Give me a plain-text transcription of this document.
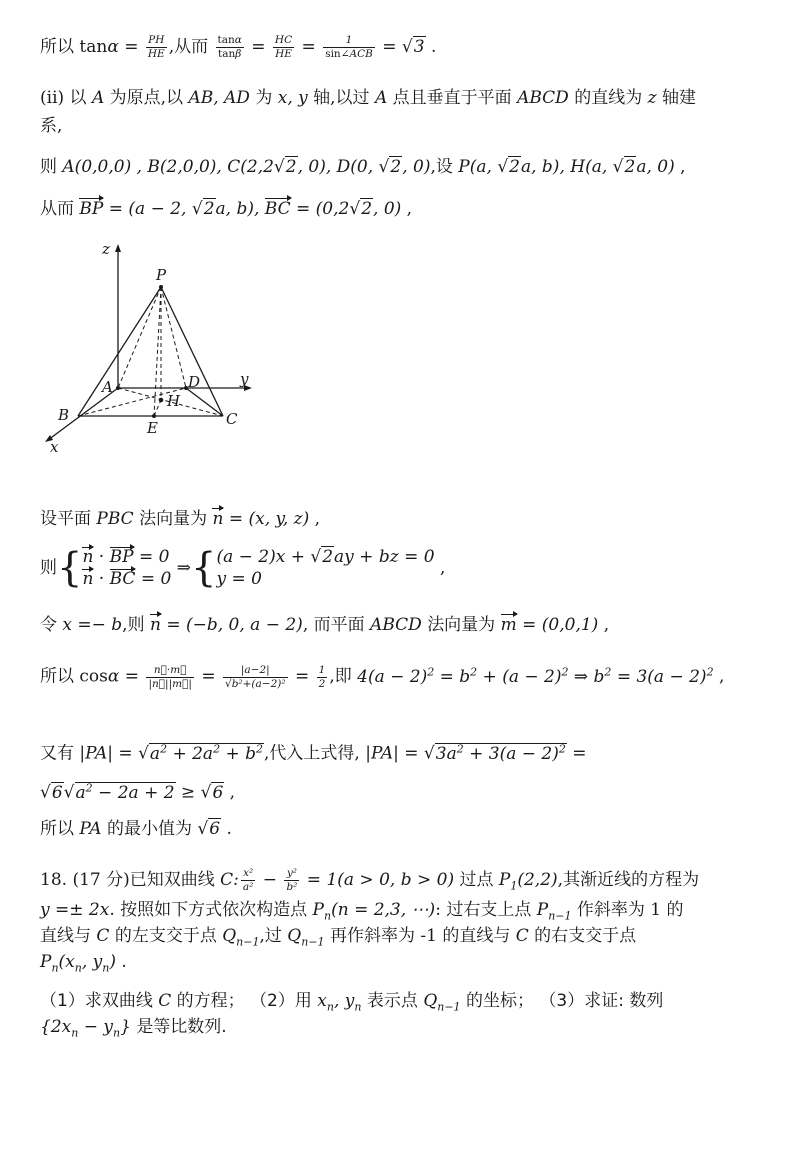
所以 $\tan\alpha = \frac{PH}{HE}$ ,从而 $\frac{\tan\alpha}{\tan\beta} = \frac{HC}{HE} = \frac{1}{\text{sin∠ACB}} = √3$ .
(ii) 以 A 为原点,以 AB, AD 为 x, y 轴,以过 A 点且垂直于平面 ABCD 的直线为 z 轴建
系,
则 A(0,0,0) , B(2,0,0), C(2,2√2, 0), D(0, √2, 0),设 P(a, √2a, b), H(a, √2a, 0) ,
从而 BP = (a − 2, √2a, b), BC = (0,2√2, 0) ,
z
P
A	D	y
H
B
E	C
x
设平面 PBC 法向量为 n = (x, y, z) ,
则{n · BP = 0
n · BC = 0 ⇒{(a − 2)x + √2ay + bz = 0
y = 0 ,
令 x =− b,则 n = (−b, 0, a − 2), 而平面 ABCD 法向量为 m = (0,0,1) ,
所以 $\cos\alpha = \frac{n⃗\cdot m⃗}{|n⃗||m⃗|} = \frac{|a-2|}{\text{√b²+(a−2)²}} = \frac{1}{2}$ ,即 $4(a - 2)^2 = b^2 + (a - 2)^2$ ⇒ $b^2 = 3(a - 2)^2$ ,
又有 $|PA| = √a^2 + 2a^2 + b^2$,代入上式得, $|PA| = √3a^2 + 3(a - 2)^2$ =
$√6√a^2 - 2a + 2 \ge √6$ ,
所以 PA 的最小值为 √6 .
18. (17 分)已知双曲线 C: $\frac{\text{x²}}{\text{a²}} - \frac{\text{y²}}{\text{b²}} = 1(a > 0$, b > 0) 过点 $P_1(2,2)$,其渐近线的方程为
y =± 2x. 按照如下方式依次构造点 $P_n(n = 2,3$, ⋯): 过右支上点 $P_{n-1}$ 作斜率为 1 的
直线与 C 的左支交于点 $Q_{n-1}$,过 $Q_{n-1}$ 再作斜率为 -1 的直线与 C 的右支交于点
$P_n(x_n$, $y_n$) .
（1）求双曲线 C 的方程； （2）用 $x_n$, $y_n$ 表示点 $Q_{n-1}$ 的坐标； （3）求证: 数列
$\{2x_n - y_n\}$ 是等比数列.
